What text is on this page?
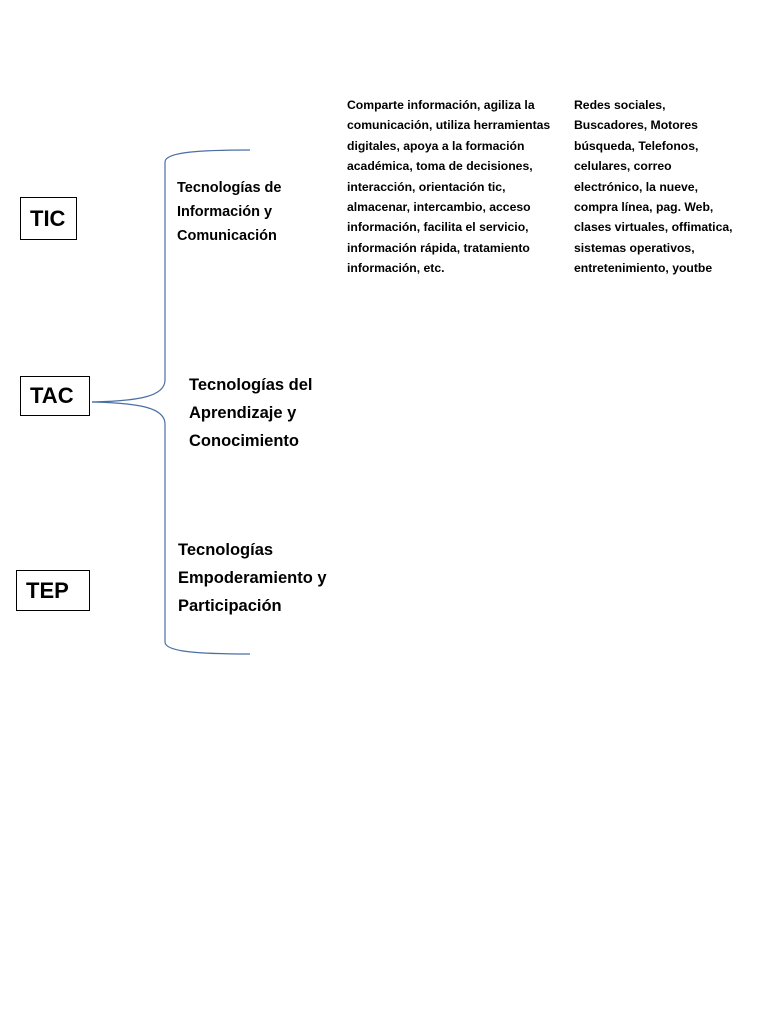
TIC
TAC
TEP
Tecnologías de
Información y
Comunicación
Tecnologías del
Aprendizaje y
Conocimiento
Tecnologías
Empoderamiento y
Participación
Comparte información, agiliza la comunicación, utiliza herramientas digitales, apoya a la formación académica, toma de decisiones, interacción, orientación tic, almacenar, intercambio, acceso información, facilita el servicio, información rápida, tratamiento información, etc.
Redes sociales, Buscadores, Motores búsqueda, Telefonos, celulares, correo electrónico, la nueve, compra línea, pag. Web, clases virtuales, offimatica, sistemas operativos, entretenimiento, youtbe
